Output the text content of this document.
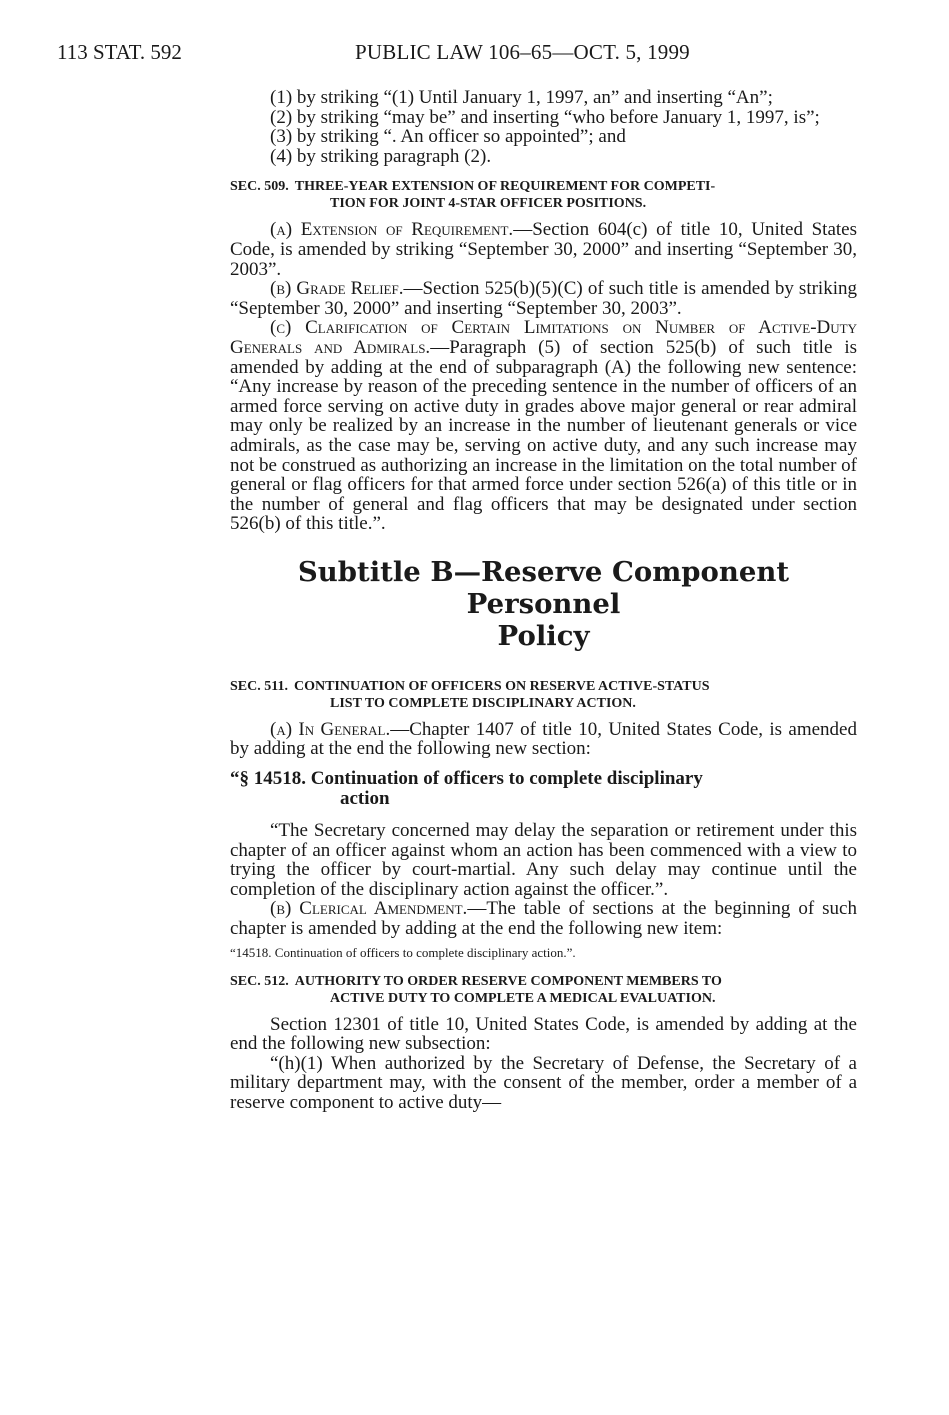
113 STAT. 592	PUBLIC LAW 106–65—OCT. 5, 1999

(1) by striking “(1) Until January 1, 1997, an” and inserting “An”;

(2) by striking “may be” and inserting “who before January 1, 1997, is”;

(3) by striking “. An officer so appointed”; and

(4) by striking paragraph (2).

SEC. 509. THREE-YEAR EXTENSION OF REQUIREMENT FOR COMPETI-
TION FOR JOINT 4-STAR OFFICER POSITIONS.

(a) Extension of Requirement.—Section 604(c) of title 10, United States Code, is amended by striking “September 30, 2000” and inserting “September 30, 2003”.

(b) Grade Relief.—Section 525(b)(5)(C) of such title is amended by striking “September 30, 2000” and inserting “September 30, 2003”.

(c) Clarification of Certain Limitations on Number of Active-Duty Generals and Admirals.—Paragraph (5) of section 525(b) of such title is amended by adding at the end of subparagraph (A) the following new sentence: “Any increase by reason of the preceding sentence in the number of officers of an armed force serving on active duty in grades above major general or rear admiral may only be realized by an increase in the number of lieutenant generals or vice admirals, as the case may be, serving on active duty, and any such increase may not be construed as authorizing an increase in the limitation on the total number of general or flag officers for that armed force under section 526(a) of this title or in the number of general and flag officers that may be designated under section 526(b) of this title.”.

Subtitle B—Reserve Component Personnel
Policy
SEC. 511. CONTINUATION OF OFFICERS ON RESERVE ACTIVE-STATUS
LIST TO COMPLETE DISCIPLINARY ACTION.

(a) In General.—Chapter 1407 of title 10, United States Code, is amended by adding at the end the following new section:

“§ 14518. Continuation of officers to complete disciplinary
action

“The Secretary concerned may delay the separation or retirement under this chapter of an officer against whom an action has been commenced with a view to trying the officer by court-martial. Any such delay may continue until the completion of the disciplinary action against the officer.”.

(b) Clerical Amendment.—The table of sections at the beginning of such chapter is amended by adding at the end the following new item:

“14518. Continuation of officers to complete disciplinary action.”.

SEC. 512. AUTHORITY TO ORDER RESERVE COMPONENT MEMBERS TO
ACTIVE DUTY TO COMPLETE A MEDICAL EVALUATION.

Section 12301 of title 10, United States Code, is amended by adding at the end the following new subsection:

“(h)(1) When authorized by the Secretary of Defense, the Secretary of a military department may, with the consent of the member, order a member of a reserve component to active duty—
